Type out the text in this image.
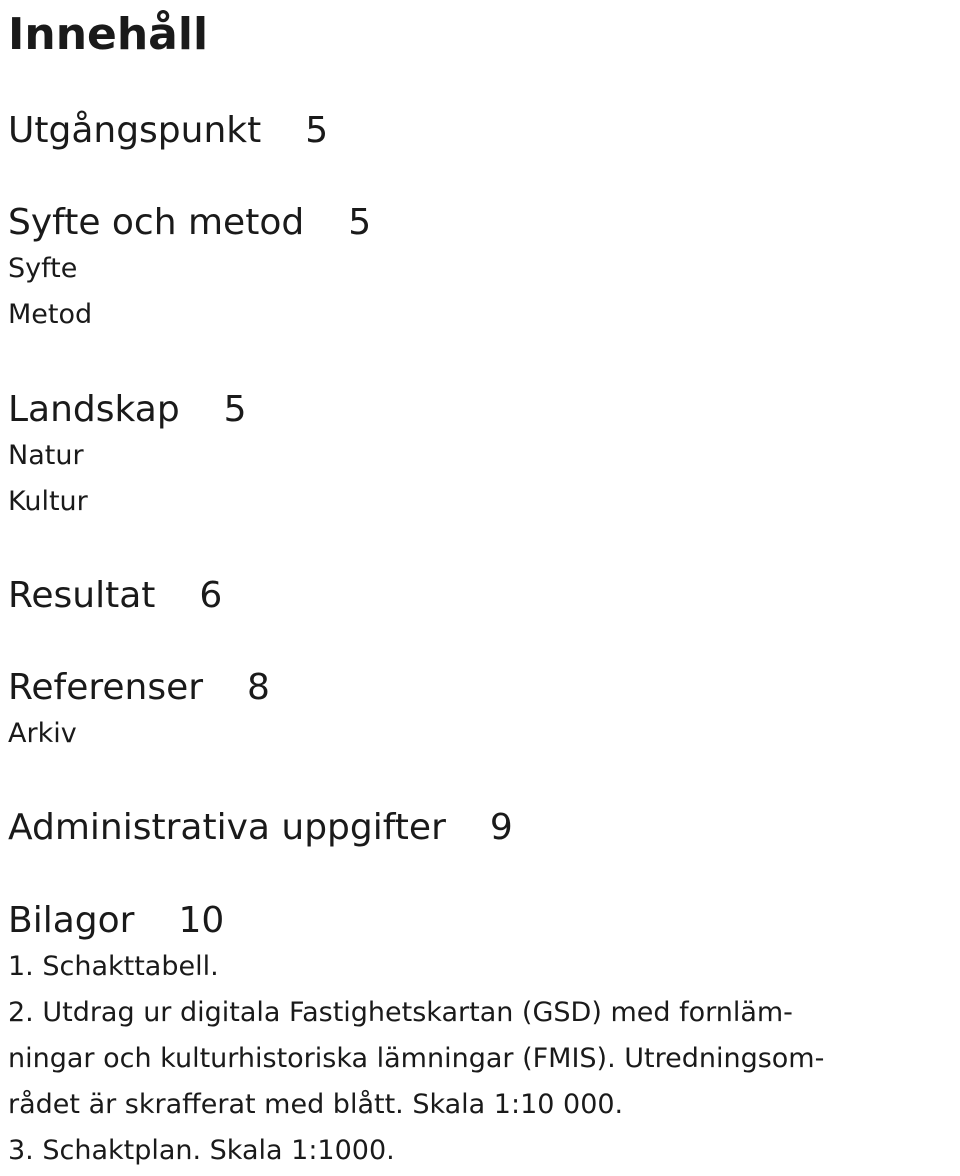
Innehåll
Utgångspunkt 5
Syfte och metod 5
Syfte
Metod
Landskap 5
Natur
Kultur
Resultat 6
Referenser 8
Arkiv
Administrativa uppgifter 9
Bilagor 10
1. Schakttabell.
2. Utdrag ur digitala Fastighetskartan (GSD) med fornläm-
ningar och kulturhistoriska lämningar (FMIS). Utredningsom-
rådet är skrafferat med blått. Skala 1:10 000.
3. Schaktplan. Skala 1:1000.
